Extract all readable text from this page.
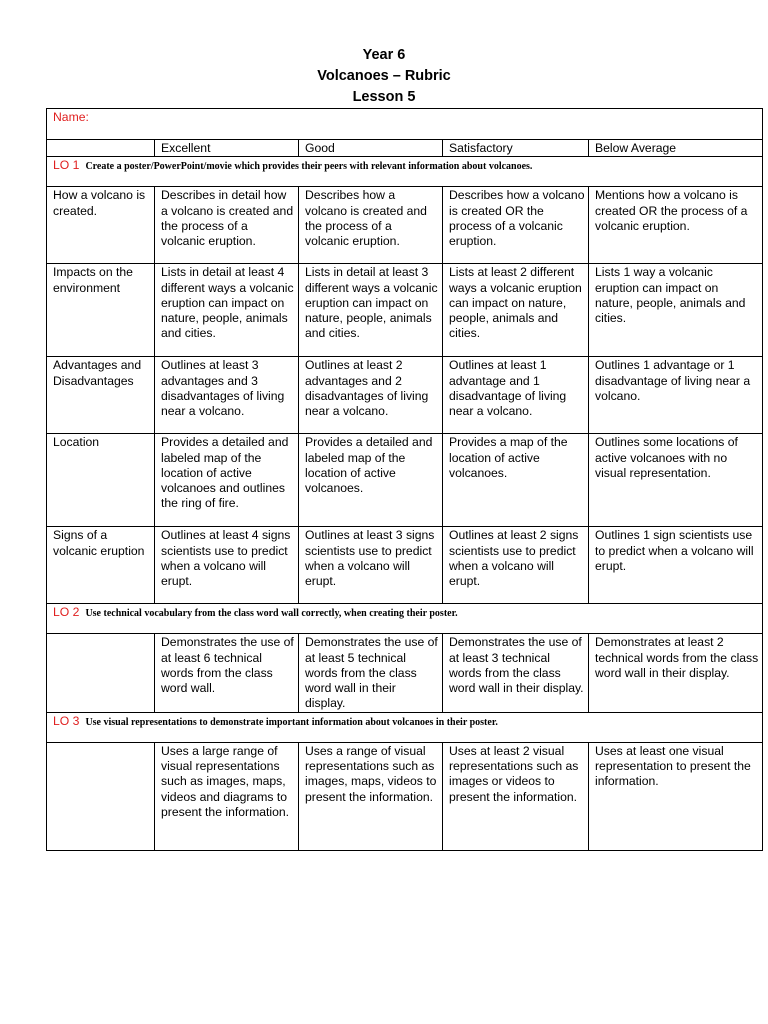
Year 6
Volcanoes – Rubric
Lesson 5
Name:				
	Excellent	Good	Satisfactory	Below Average
LO 1 Create a poster/PowerPoint/movie which provides their peers with relevant information about volcanoes.				
How a volcano is created.	Describes in detail how a volcano is created and the process of a volcanic eruption.	Describes how a volcano is created and the process of a volcanic eruption.	Describes how a volcano is created OR the process of a volcanic eruption.	Mentions how a volcano is created OR the process of a volcanic eruption.
Impacts on the environment	Lists in detail at least 4 different ways a volcanic eruption can impact on nature, people, animals and cities.	Lists in detail at least 3 different ways a volcanic eruption can impact on nature, people, animals and cities.	Lists at least 2 different ways a volcanic eruption can impact on nature, people, animals and cities.	Lists 1 way a volcanic eruption can impact on nature, people, animals and cities.
Advantages and Disadvantages	Outlines at least 3 advantages and 3 disadvantages of living near a volcano.	Outlines at least 2 advantages and 2 disadvantages of living near a volcano.	Outlines at least 1 advantage and 1 disadvantage of living near a volcano.	Outlines 1 advantage or 1 disadvantage of living near a volcano.
Location	Provides a detailed and labeled map of the location of active volcanoes and outlines the ring of fire.	Provides a detailed and labeled map of the location of active volcanoes.	Provides a map of the location of active volcanoes.	Outlines some locations of active volcanoes with no visual representation.
Signs of a volcanic eruption	Outlines at least 4 signs scientists use to predict when a volcano will erupt.	Outlines at least 3 signs scientists use to predict when a volcano will erupt.	Outlines at least 2 signs scientists use to predict when a volcano will erupt.	Outlines 1 sign scientists use to predict when a volcano will erupt.
LO 2 Use technical vocabulary from the class word wall correctly, when creating their poster.				
	Demonstrates the use of at least 6 technical words from the class word wall.	Demonstrates the use of at least 5 technical words from the class word wall in their display.	Demonstrates the use of at least 3 technical words from the class word wall in their display.	Demonstrates at least 2 technical words from the class word wall in their display.
LO 3 Use visual representations to demonstrate important information about volcanoes in their poster.				
	Uses a large range of visual representations such as images, maps, videos and diagrams to present the information.	Uses a range of visual representations such as images, maps, videos to present the information.	Uses at least 2 visual representations such as images or videos to present the information.	Uses at least one visual representation to present the information.
